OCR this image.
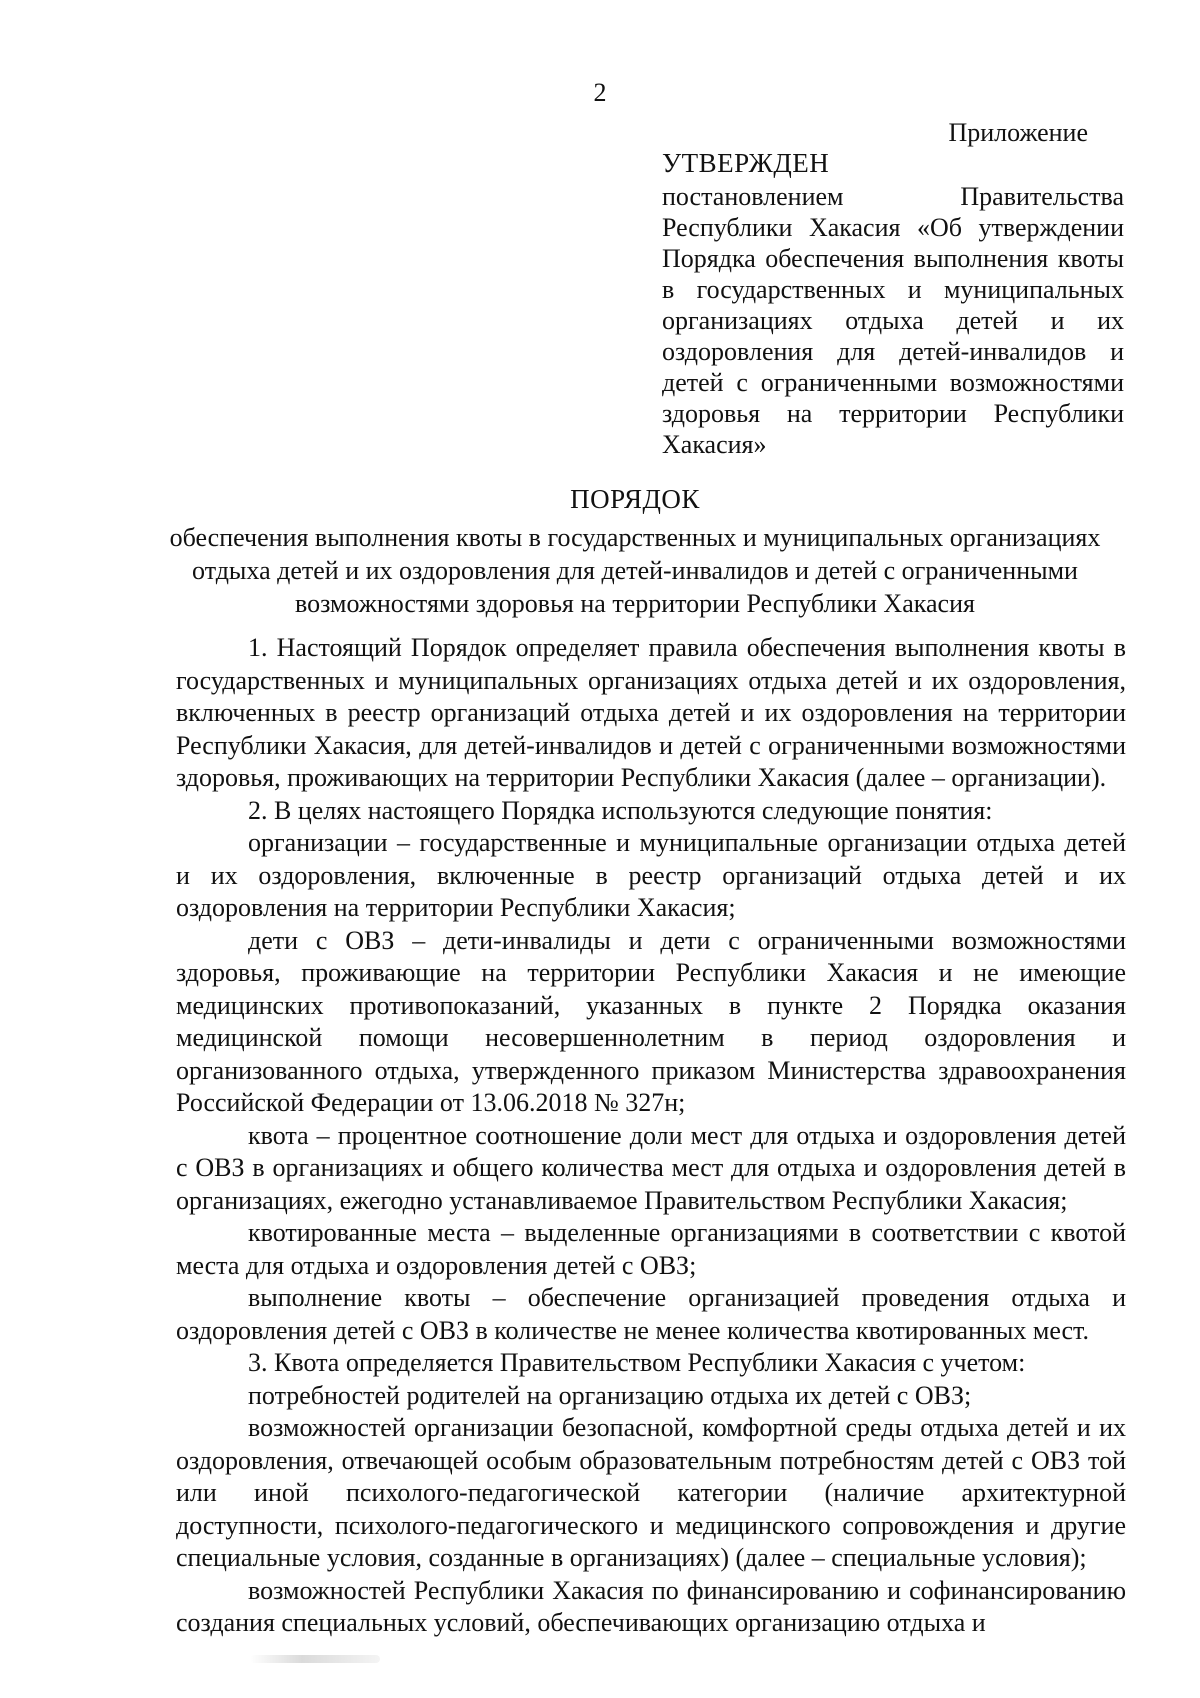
2
Приложение
УТВЕРЖДЕН
постановлением Правительства Республики Хакасия «Об утверждении Порядка обеспечения выполнения квоты в государственных и муниципальных организациях отдыха детей и их оздоровления для детей-инвалидов и детей с ограниченными возможностями здоровья на территории Республики Хакасия»
ПОРЯДОК
обеспечения выполнения квоты в государственных и муниципальных организациях отдыха детей и их оздоровления для детей-инвалидов и детей с ограниченными возможностями здоровья на территории Республики Хакасия

1. Настоящий Порядок определяет правила обеспечения выполнения квоты в государственных и муниципальных организациях отдыха детей и их оздоровления, включенных в реестр организаций отдыха детей и их оздоровления на территории Республики Хакасия, для детей-инвалидов и детей с ограниченными возможностями здоровья, проживающих на территории Республики Хакасия (далее – организации).

2. В целях настоящего Порядка используются следующие понятия:

организации – государственные и муниципальные организации отдыха детей и их оздоровления, включенные в реестр организаций отдыха детей и их оздоровления на территории Республики Хакасия;

дети с ОВЗ – дети-инвалиды и дети с ограниченными возможностями здоровья, проживающие на территории Республики Хакасия и не имеющие медицинских противопоказаний, указанных в пункте 2 Порядка оказания медицинской помощи несовершеннолетним в период оздоровления и организованного отдыха, утвержденного приказом Министерства здравоохранения Российской Федерации от 13.06.2018 № 327н;

квота – процентное соотношение доли мест для отдыха и оздоровления детей с ОВЗ в организациях и общего количества мест для отдыха и оздоровления детей в организациях, ежегодно устанавливаемое Правительством Республики Хакасия;

квотированные места – выделенные организациями в соответствии с квотой места для отдыха и оздоровления детей с ОВЗ;

выполнение квоты – обеспечение организацией проведения отдыха и оздоровления детей с ОВЗ в количестве не менее количества квотированных мест.

3. Квота определяется Правительством Республики Хакасия с учетом:

потребностей родителей на организацию отдыха их детей с ОВЗ;

возможностей организации безопасной, комфортной среды отдыха детей и их оздоровления, отвечающей особым образовательным потребностям детей с ОВЗ той или иной психолого-педагогической категории (наличие архитектурной доступности, психолого-педагогического и медицинского сопровождения и другие специальные условия, созданные в организациях) (далее – специальные условия);

возможностей Республики Хакасия по финансированию и софинансированию создания специальных условий, обеспечивающих организацию отдыха и
